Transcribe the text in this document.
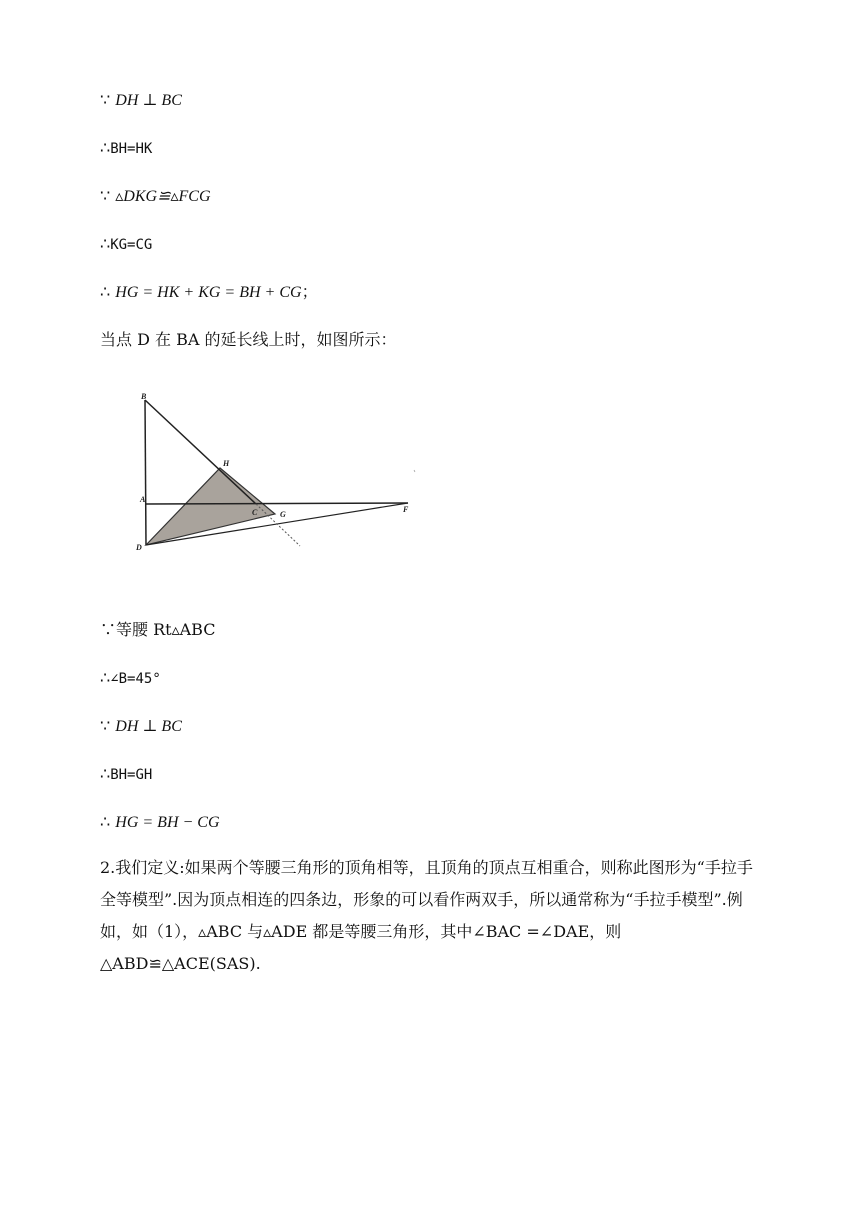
∵ DH ⊥ BC
∴BH=HK
∵ ▵DKG≌▵FCG
∴KG=CG
∴ HG = HK + KG = BH + CG；
当点 D 在 BA 的延长线上时，如图所示：
B
H
A
C	G
F
D
∵等腰 Rt▵ABC
∴∠B=45°
∵ DH ⊥ BC
∴BH=GH
∴ HG = BH − CG
2.我们定义:如果两个等腰三角形的顶角相等，且顶角的顶点互相重合，则称此图形为“手拉手全等模型”.因为顶点相连的四条边，形象的可以看作两双手，所以通常称为“手拉手模型”.例如，如（1），▵ABC 与▵ADE 都是等腰三角形，其中∠BAC =∠DAE，则△ABD≌△ACE(SAS).
